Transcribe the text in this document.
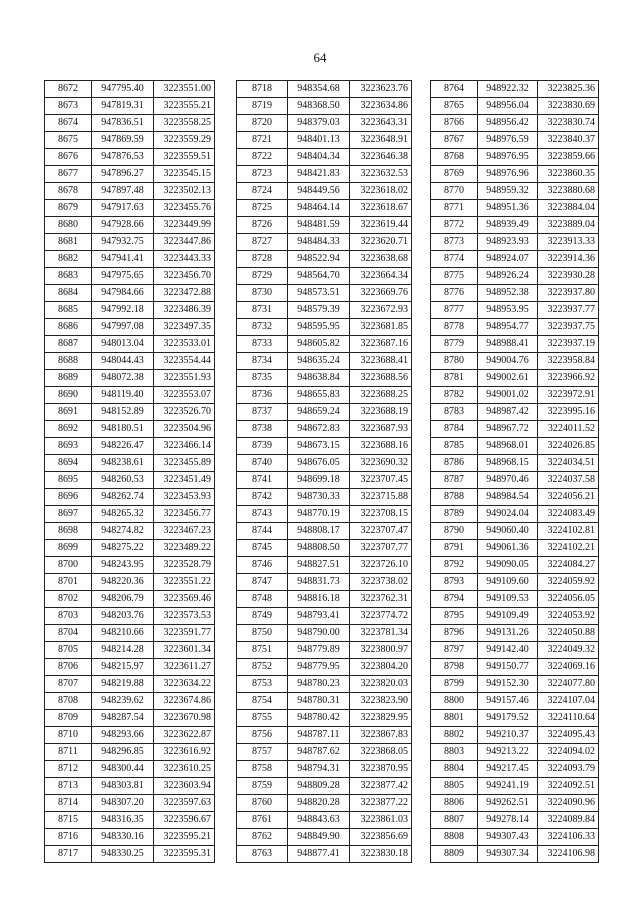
64
8672	947795.40	3223551.00
8673	947819.31	3223555.21
8674	947836.51	3223558.25
8675	947869.59	3223559.29
8676	947876.53	3223559.51
8677	947896.27	3223545.15
8678	947897.48	3223502.13
8679	947917.63	3223455.76
8680	947928.66	3223449.99
8681	947932.75	3223447.86
8682	947941.41	3223443.33
8683	947975.65	3223456.70
8684	947984.66	3223472.88
8685	947992.18	3223486.39
8686	947997.08	3223497.35
8687	948013.04	3223533.01
8688	948044.43	3223554.44
8689	948072.38	3223551.93
8690	948119.40	3223553.07
8691	948152.89	3223526.70
8692	948180.51	3223504.96
8693	948226.47	3223466.14
8694	948238.61	3223455.89
8695	948260.53	3223451.49
8696	948262.74	3223453.93
8697	948265.32	3223456.77
8698	948274.82	3223467.23
8699	948275.22	3223489.22
8700	948243.95	3223528.79
8701	948220.36	3223551.22
8702	948206.79	3223569.46
8703	948203.76	3223573.53
8704	948210.66	3223591.77
8705	948214.28	3223601.34
8706	948215.97	3223611.27
8707	948219.88	3223634.22
8708	948239.62	3223674.86
8709	948287.54	3223670.98
8710	948293.66	3223622.87
8711	948296.85	3223616.92
8712	948300.44	3223610.25
8713	948303.81	3223603.94
8714	948307.20	3223597.63
8715	948316.35	3223596.67
8716	948330.16	3223595.21
8717	948330.25	3223595.31
8718	948354.68	3223623.76
8719	948368.50	3223634.86
8720	948379.03	3223643.31
8721	948401.13	3223648.91
8722	948404.34	3223646.38
8723	948421.83	3223632.53
8724	948449.56	3223618.02
8725	948464.14	3223618.67
8726	948481.59	3223619.44
8727	948484.33	3223620.71
8728	948522.94	3223638.68
8729	948564.70	3223664.34
8730	948573.51	3223669.76
8731	948579.39	3223672.93
8732	948595.95	3223681.85
8733	948605.82	3223687.16
8734	948635.24	3223688.41
8735	948638.84	3223688.56
8736	948655.83	3223688.25
8737	948659.24	3223688.19
8738	948672.83	3223687.93
8739	948673.15	3223688.16
8740	948676.05	3223690.32
8741	948699.18	3223707.45
8742	948730.33	3223715.88
8743	948770.19	3223708.15
8744	948808.17	3223707.47
8745	948808.50	3223707.77
8746	948827.51	3223726.10
8747	948831.73	3223738.02
8748	948816.18	3223762.31
8749	948793.41	3223774.72
8750	948790.00	3223781.34
8751	948779.89	3223800.97
8752	948779.95	3223804.20
8753	948780.23	3223820.03
8754	948780.31	3223823.90
8755	948780.42	3223829.95
8756	948787.11	3223867.83
8757	948787.62	3223868.05
8758	948794.31	3223870.95
8759	948809.28	3223877.42
8760	948820.28	3223877.22
8761	948843.63	3223861.03
8762	948849.90	3223856.69
8763	948877.41	3223830.18
8764	948922.32	3223825.36
8765	948956.04	3223830.69
8766	948956.42	3223830.74
8767	948976.59	3223840.37
8768	948976.95	3223859.66
8769	948976.96	3223860.35
8770	948959.32	3223880.68
8771	948951.36	3223884.04
8772	948939.49	3223889.04
8773	948923.93	3223913.33
8774	948924.07	3223914.36
8775	948926.24	3223930.28
8776	948952.38	3223937.80
8777	948953.95	3223937.77
8778	948954.77	3223937.75
8779	948988.41	3223937.19
8780	949004.76	3223958.84
8781	949002.61	3223966.92
8782	949001.02	3223972.91
8783	948987.42	3223995.16
8784	948967.72	3224011.52
8785	948968.01	3224026.85
8786	948968.15	3224034.51
8787	948970.46	3224037.58
8788	948984.54	3224056.21
8789	949024.04	3224083.49
8790	949060.40	3224102.81
8791	949061.36	3224102.21
8792	949090.05	3224084.27
8793	949109.60	3224059.92
8794	949109.53	3224056.05
8795	949109.49	3224053.92
8796	949131.26	3224050.88
8797	949142.40	3224049.32
8798	949150.77	3224069.16
8799	949152.30	3224077.80
8800	949157.46	3224107.04
8801	949179.52	3224110.64
8802	949210.37	3224095.43
8803	949213.22	3224094.02
8804	949217.45	3224093.79
8805	949241.19	3224092.51
8806	949262.51	3224090.96
8807	949278.14	3224089.84
8808	949307.43	3224106.33
8809	949307.34	3224106.98
